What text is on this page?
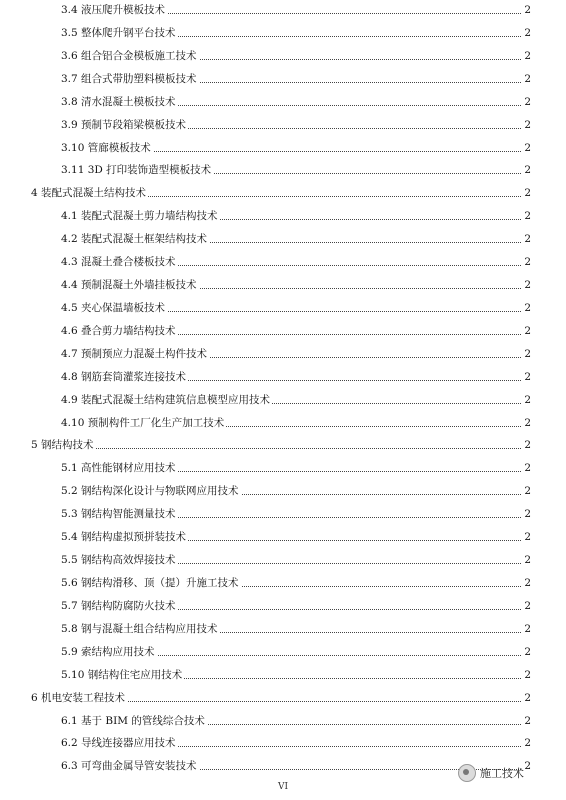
3.4 液压爬升模板技术	2
3.5 整体爬升钢平台技术	2
3.6 组合铝合金模板施工技术	2
3.7 组合式带肋塑料模板技术	2
3.8 清水混凝土模板技术	2
3.9 预制节段箱梁模板技术	2
3.10 管廊模板技术	2
3.11 3D 打印装饰造型模板技术	2
4 装配式混凝土结构技术	2
4.1 装配式混凝土剪力墙结构技术	2
4.2 装配式混凝土框架结构技术	2
4.3 混凝土叠合楼板技术	2
4.4 预制混凝土外墙挂板技术	2
4.5 夹心保温墙板技术	2
4.6 叠合剪力墙结构技术	2
4.7 预制预应力混凝土构件技术	2
4.8 钢筋套筒灌浆连接技术	2
4.9 装配式混凝土结构建筑信息模型应用技术	2
4.10 预制构件工厂化生产加工技术	2
5 钢结构技术	2
5.1 高性能钢材应用技术	2
5.2 钢结构深化设计与物联网应用技术	2
5.3 钢结构智能测量技术	2
5.4 钢结构虚拟预拼装技术	2
5.5 钢结构高效焊接技术	2
5.6 钢结构滑移、顶（提）升施工技术	2
5.7 钢结构防腐防火技术	2
5.8 钢与混凝土组合结构应用技术	2
5.9 索结构应用技术	2
5.10 钢结构住宅应用技术	2
6 机电安装工程技术	2
6.1 基于 BIM 的管线综合技术	2
6.2 导线连接器应用技术	2
6.3 可弯曲金属导管安装技术	2
VI
施工技术
